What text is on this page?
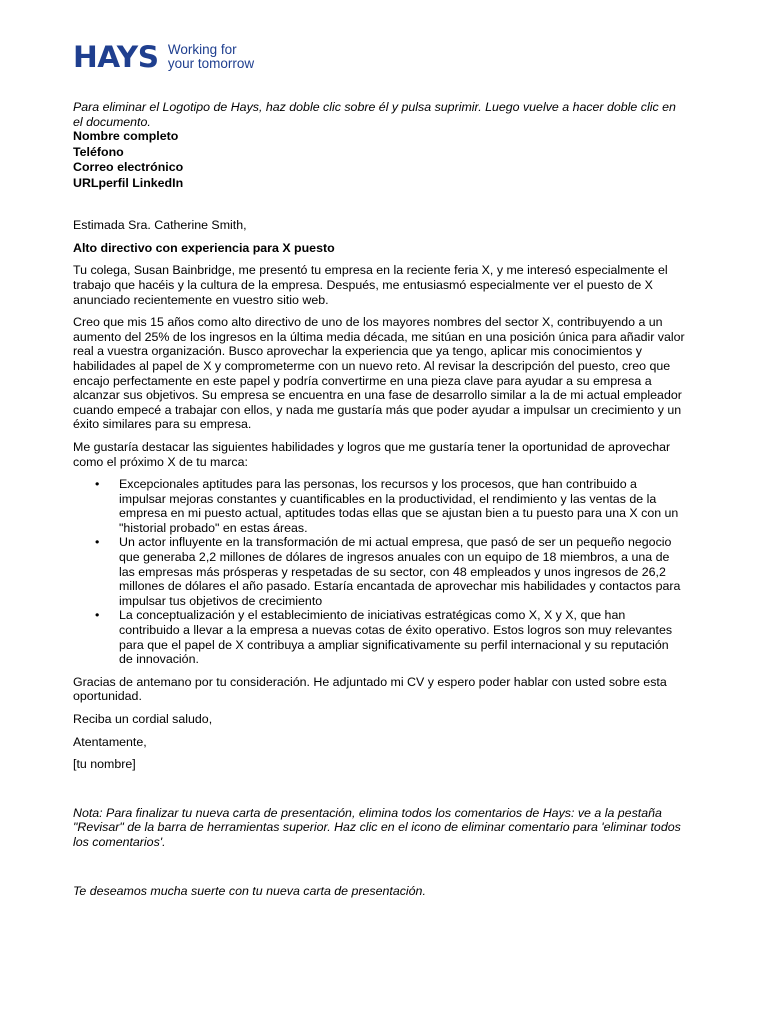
HAYS Working for
your tomorrow

Para eliminar el Logotipo de Hays, haz doble clic sobre él y pulsa suprimir. Luego vuelve a hacer doble clic en el documento.

Nombre completo
Teléfono
Correo electrónico
URLperfil LinkedIn

Estimada Sra. Catherine Smith,

Alto directivo con experiencia para X puesto

Tu colega, Susan Bainbridge, me presentó tu empresa en la reciente feria X, y me interesó especialmente el trabajo que hacéis y la cultura de la empresa. Después, me entusiasmó especialmente ver el puesto de X anunciado recientemente en vuestro sitio web.

Creo que mis 15 años como alto directivo de uno de los mayores nombres del sector X, contribuyendo a un aumento del 25% de los ingresos en la última media década, me sitúan en una posición única para añadir valor real a vuestra organización. Busco aprovechar la experiencia que ya tengo, aplicar mis conocimientos y habilidades al papel de X y comprometerme con un nuevo reto. Al revisar la descripción del puesto, creo que encajo perfectamente en este papel y podría convertirme en una pieza clave para ayudar a su empresa a alcanzar sus objetivos. Su empresa se encuentra en una fase de desarrollo similar a la de mi actual empleador cuando empecé a trabajar con ellos, y nada me gustaría más que poder ayudar a impulsar un crecimiento y un éxito similares para su empresa.

Me gustaría destacar las siguientes habilidades y logros que me gustaría tener la oportunidad de aprovechar como el próximo X de tu marca:

• Excepcionales aptitudes para las personas, los recursos y los procesos, que han contribuido a impulsar mejoras constantes y cuantificables en la productividad, el rendimiento y las ventas de la empresa en mi puesto actual, aptitudes todas ellas que se ajustan bien a tu puesto para una X con un "historial probado" en estas áreas.
• Un actor influyente en la transformación de mi actual empresa, que pasó de ser un pequeño negocio que generaba 2,2 millones de dólares de ingresos anuales con un equipo de 18 miembros, a una de las empresas más prósperas y respetadas de su sector, con 48 empleados y unos ingresos de 26,2 millones de dólares el año pasado. Estaría encantada de aprovechar mis habilidades y contactos para impulsar tus objetivos de crecimiento
• La conceptualización y el establecimiento de iniciativas estratégicas como X, X y X, que han contribuido a llevar a la empresa a nuevas cotas de éxito operativo. Estos logros son muy relevantes para que el papel de X contribuya a ampliar significativamente su perfil internacional y su reputación de innovación.

Gracias de antemano por tu consideración. He adjuntado mi CV y espero poder hablar con usted sobre esta oportunidad.

Reciba un cordial saludo,

Atentamente,

[tu nombre]

Nota: Para finalizar tu nueva carta de presentación, elimina todos los comentarios de Hays: ve a la pestaña "Revisar" de la barra de herramientas superior. Haz clic en el icono de eliminar comentario para 'eliminar todos los comentarios'.

Te deseamos mucha suerte con tu nueva carta de presentación.
